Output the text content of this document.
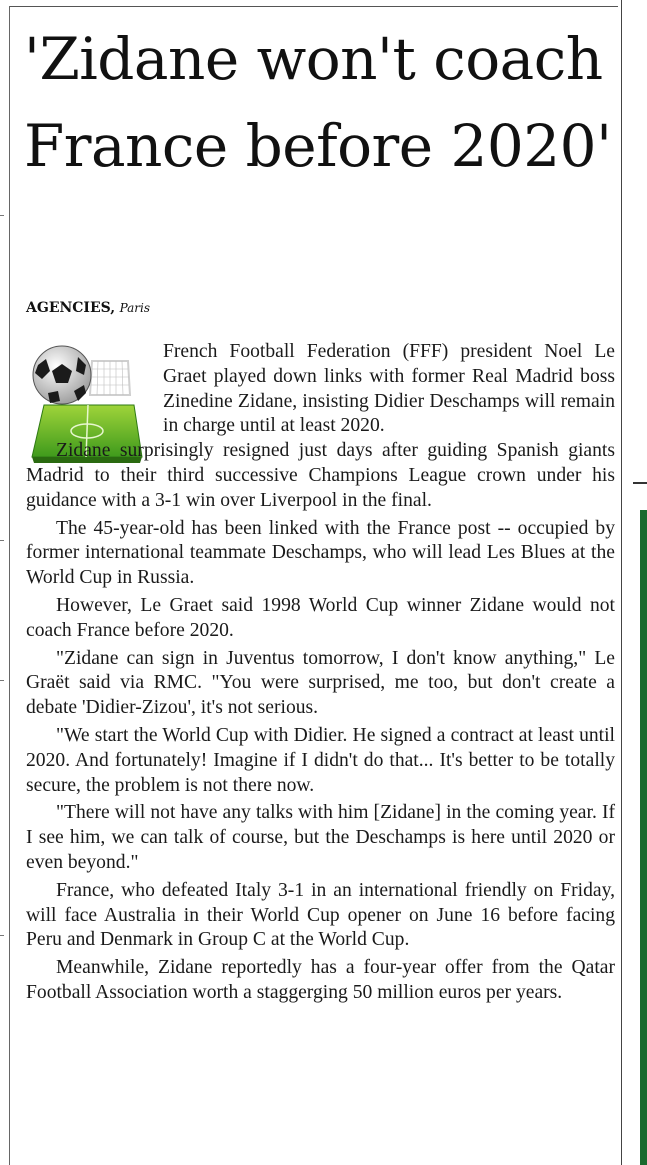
'Zidane won't coach France before 2020'
AGENCIES, Paris

French Football Federation (FFF) president Noel Le Graet played down links with former Real Madrid boss Zinedine Zidane, insisting Didier Deschamps will remain in charge until at least 2020.

Zidane surprisingly resigned just days after guiding Spanish giants Madrid to their third successive Champions League crown under his guidance with a 3-1 win over Liverpool in the final.

The 45-year-old has been linked with the France post -- occupied by former international teammate Deschamps, who will lead Les Blues at the World Cup in Russia.

However, Le Graet said 1998 World Cup winner Zidane would not coach France before 2020.

"Zidane can sign in Juventus tomorrow, I don't know anything," Le Graët said via RMC. "You were surprised, me too, but don't create a debate 'Didier-Zizou', it's not serious.

"We start the World Cup with Didier. He signed a contract at least until 2020. And fortunately! Imagine if I didn't do that... It's better to be totally secure, the problem is not there now.

"There will not have any talks with him [Zidane] in the coming year. If I see him, we can talk of course, but the Deschamps is here until 2020 or even beyond."

France, who defeated Italy 3-1 in an international friendly on Friday, will face Australia in their World Cup opener on June 16 before facing Peru and Denmark in Group C at the World Cup.

Meanwhile, Zidane reportedly has a four-year offer from the Qatar Football Association worth a staggerging 50 million euros per years.
